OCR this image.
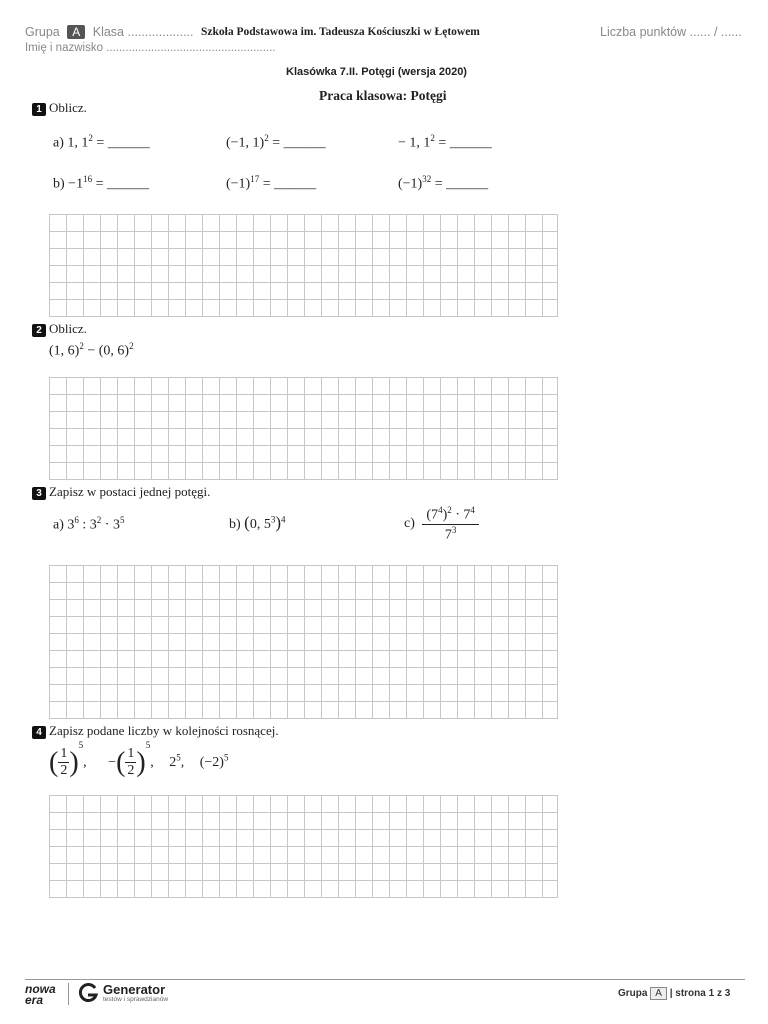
Grupa A Klasa ................... Szkoła Podstawowa im. Tadeusza Kościuszki w Łętowem	Liczba punktów ...... / ......
Imię i nazwisko .....................................................
Klasówka 7.II. Potęgi (wersja 2020)
Praca klasowa: Potęgi
1 Oblicz.
a) 1, $1^2$ = ______	(−1, 1)$^2$ = ______	− 1, $1^2$ = ______
$b) -1^{16}$ = ______	$(-1)^{17}$ = ______	$(-1)^{32}$ = ______
2 Oblicz.
(1, 6)$^2$ − (0, 6)$^2$
3 Zapisz w postaci jednej potęgi.
a) $3^6$ : $3^2 \cdot 3^5$	b) (0, $5^3)^4$	$c) \frac{(7^4)^2 \cdot 7^4}{7^3}$
4 Zapisz podane liczby w kolejności rosnącej.
( $\frac{1}{2} )^5$, −( $\frac{1}{2} )^5$, $2^5$, $(-2)^5$
nowa era
Generator
testów i sprawdzianów
Grupa A | strona 1 z 3
